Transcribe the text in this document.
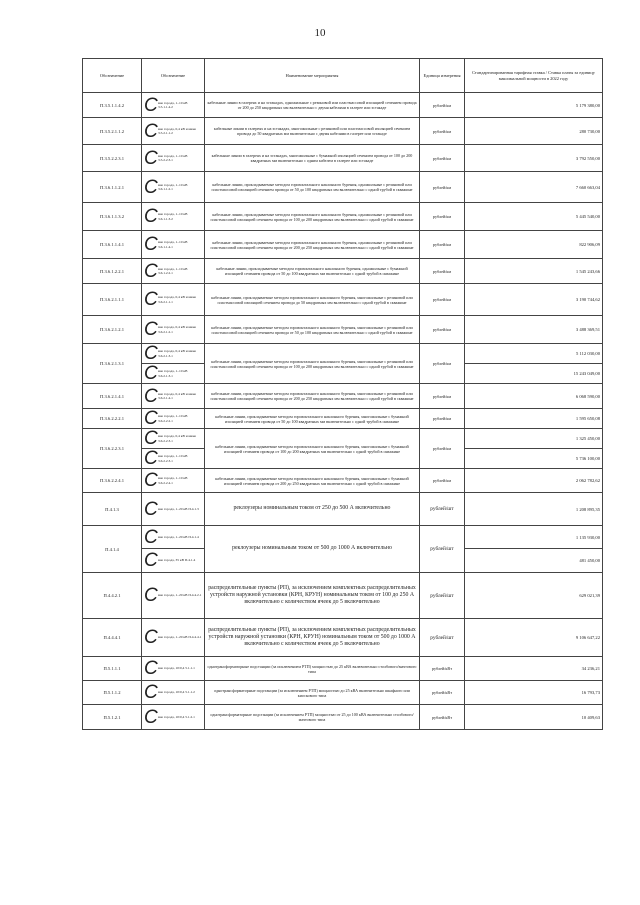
10
Обозначение	Обозначение	Наименование мероприятия	Единица измерения	Стандартизированная тарифная ставка / Ставка платы за единицу максимальной мощности в 2022 году
П.3.5.1.1.4.2	С вне города, 1–10 кВ 3.5.1.1.4.2	кабельные линии в галереях и на эстакадах, одножильные с резиновой или пластмассовой изоляцией сечением провода от 200 до 250 квадратных мм включительно с двумя кабелями в галерее или эстакаде	рублей/км	5 179 380,00
П.3.5.2.1.1.2	С вне города, 0,4 кВ и ниже 3.5.2.1.1.2	кабельные линии в галереях и на эстакадах, многожильные с резиновой или пластмассовой изоляцией сечением провода до 50 квадратных мм включительно с двумя кабелями в галерее или эстакаде	рублей/км	280 730,00
П.3.5.2.2.3.1	С вне города, 1–10 кВ 3.5.2.2.3.1	кабельные линии в галереях и на эстакадах, многожильные с бумажной изоляцией сечением провода от 100 до 200 квадратных мм включительно с одним кабелем в галерее или эстакаде	рублей/км	3 792 550,00
П.3.6.1.1.2.1	С вне города, 1–10 кВ 3.6.1.1.2.1	кабельные линии, прокладываемые методом горизонтального наклонного бурения, одножильные с резиновой или пластмассовой изоляцией сечением провода от 50 до 100 квадратных мм включительно с одной трубой в скважине	рублей/км	7 660 663,04
П.3.6.1.1.3.2	С вне города, 1–10 кВ 3.6.1.1.3.2	кабельные линии, прокладываемые методом горизонтального наклонного бурения, одножильные с резиновой или пластмассовой изоляцией сечением провода от 100 до 200 квадратных мм включительно с одной трубой в скважине	рублей/км	5 445 540,00
П.3.6.1.1.4.1	С вне города, 1–10 кВ 3.6.1.1.4.1	кабельные линии, прокладываемые методом горизонтального наклонного бурения, одножильные с резиновой или пластмассовой изоляцией сечением провода от 200 до 250 квадратных мм включительно с одной трубой в скважине	рублей/км	822 906,09
П.3.6.1.2.2.1	С вне города, 1–10 кВ 3.6.1.2.2.1	кабельные линии, прокладываемые методом горизонтального наклонного бурения, одножильные с бумажной изоляцией сечением провода от 50 до 100 квадратных мм включительно с одной трубой в скважине	рублей/км	1 545 243,66
П.3.6.2.1.1.1	С вне города, 0,4 кВ и ниже 3.6.2.1.1.1	кабельные линии, прокладываемые методом горизонтального наклонного бурения, многожильные с резиновой или пластмассовой изоляцией сечением провода до 50 квадратных мм включительно с одной трубой в скважине	рублей/км	3 190 744,62
П.3.6.2.1.2.1	С вне города, 0,4 кВ и ниже 3.6.2.1.2.1	кабельные линии, прокладываемые методом горизонтального наклонного бурения, многожильные с резиновой или пластмассовой изоляцией сечением провода от 50 до 100 квадратных мм включительно с одной трубой в скважине	рублей/км	3 488 369,51
П.3.6.2.1.3.1	С вне города, 0,4 кВ и ниже 3.6.2.1.3.1	кабельные линии, прокладываемые методом горизонтального наклонного бурения, многожильные с резиновой или пластмассовой изоляцией сечением провода от 100 до 200 квадратных мм включительно с одной трубой в скважине	рублей/км	5 112 030,00

	С вне города, 1–10 кВ 3.6.2.1.3.1			15 243 049,00
П.3.6.2.1.4.1	С вне города, 0,4 кВ и ниже 3.6.2.1.4.1	кабельные линии, прокладываемые методом горизонтального наклонного бурения, многожильные с резиновой или пластмассовой изоляцией сечением провода от 200 до 250 квадратных мм включительно с одной трубой в скважине	рублей/км	6 068 590,00
П.3.6.2.2.2.1	С вне города, 1–10 кВ 3.6.2.2.2.1	кабельные линии, прокладываемые методом горизонтального наклонного бурения, многожильные с бумажной изоляцией сечением провода от 50 до 100 квадратных мм включительно с одной трубой в скважине	рублей/км	1 595 650,08
П.3.6.2.2.3.1	С вне города, 0,4 кВ и ниже 3.6.2.2.3.1	кабельные линии, прокладываемые методом горизонтального наклонного бурения, многожильные с бумажной изоляцией сечением провода от 100 до 200 квадратных мм включительно с одной трубой в скважине	рублей/км	1 325 450,00

	С вне города, 1–10 кВ 3.6.2.2.3.1			5 736 100,00
П.3.6.2.2.4.1	С вне города, 1–10 кВ 3.6.2.2.4.1	кабельные линии, прокладываемые методом горизонтального наклонного бурения, многожильные с бумажной изоляцией сечением провода от 200 до 250 квадратных мм включительно с одной трубой в скважине	рублей/км	2 062 782,62
П.4.1.3	С вне города, 1–20 кВ П.4.1.3	реклоузеры номинальным током от 250 до 500 А включительно	рублей/шт	1 208 895,35
П.4.1.4	С вне города, 1–20 кВ П.4.1.4	реклоузеры номинальным током от 500 до 1000 А включительно	рублей/шт	1 135 930,00

	С вне города, 35 кВ П.4.1.4			481 450,00
П.4.4.2.1	С вне города, 1–20 кВ П.4.4.2.1	распределительные пункты (РП), за исключением комплектных распределительных устройств наружной установки (КРН, КРУН) номинальным током от 100 до 250 А включительно с количеством ячеек до 5 включительно	рублей/шт	629 021,39
П.4.4.4.1	С вне города, 1–20 кВ П.4.4.4.1	распределительные пункты (РП), за исключением комплектных распределительных устройств наружной установки (КРН, КРУН) номинальным током от 500 до 1000 А включительно с количеством ячеек до 5 включительно	рублей/шт	9 106 647,22
П.5.1.1.1	С вне города, 10/0,4 5.1.1.1	однотрансформаторные подстанции (за исключением РТП) мощностью до 25 кВА включительно столбового/мачтового типа	рублей/кВт	34 236,21
П.5.1.1.2	С вне города, 10/0,4 5.1.1.2	однотрансформаторные подстанции (за исключением РТП) мощностью до 25 кВА включительно шкафного или киоскового типа	рублей/кВт	16 793,73
П.5.1.2.1	С вне города, 10/0,4 5.1.2.1	однотрансформаторные подстанции (за исключением РТП) мощностью от 25 до 100 кВА включительно столбового/мачтового типа	рублей/кВт	10 409,63
